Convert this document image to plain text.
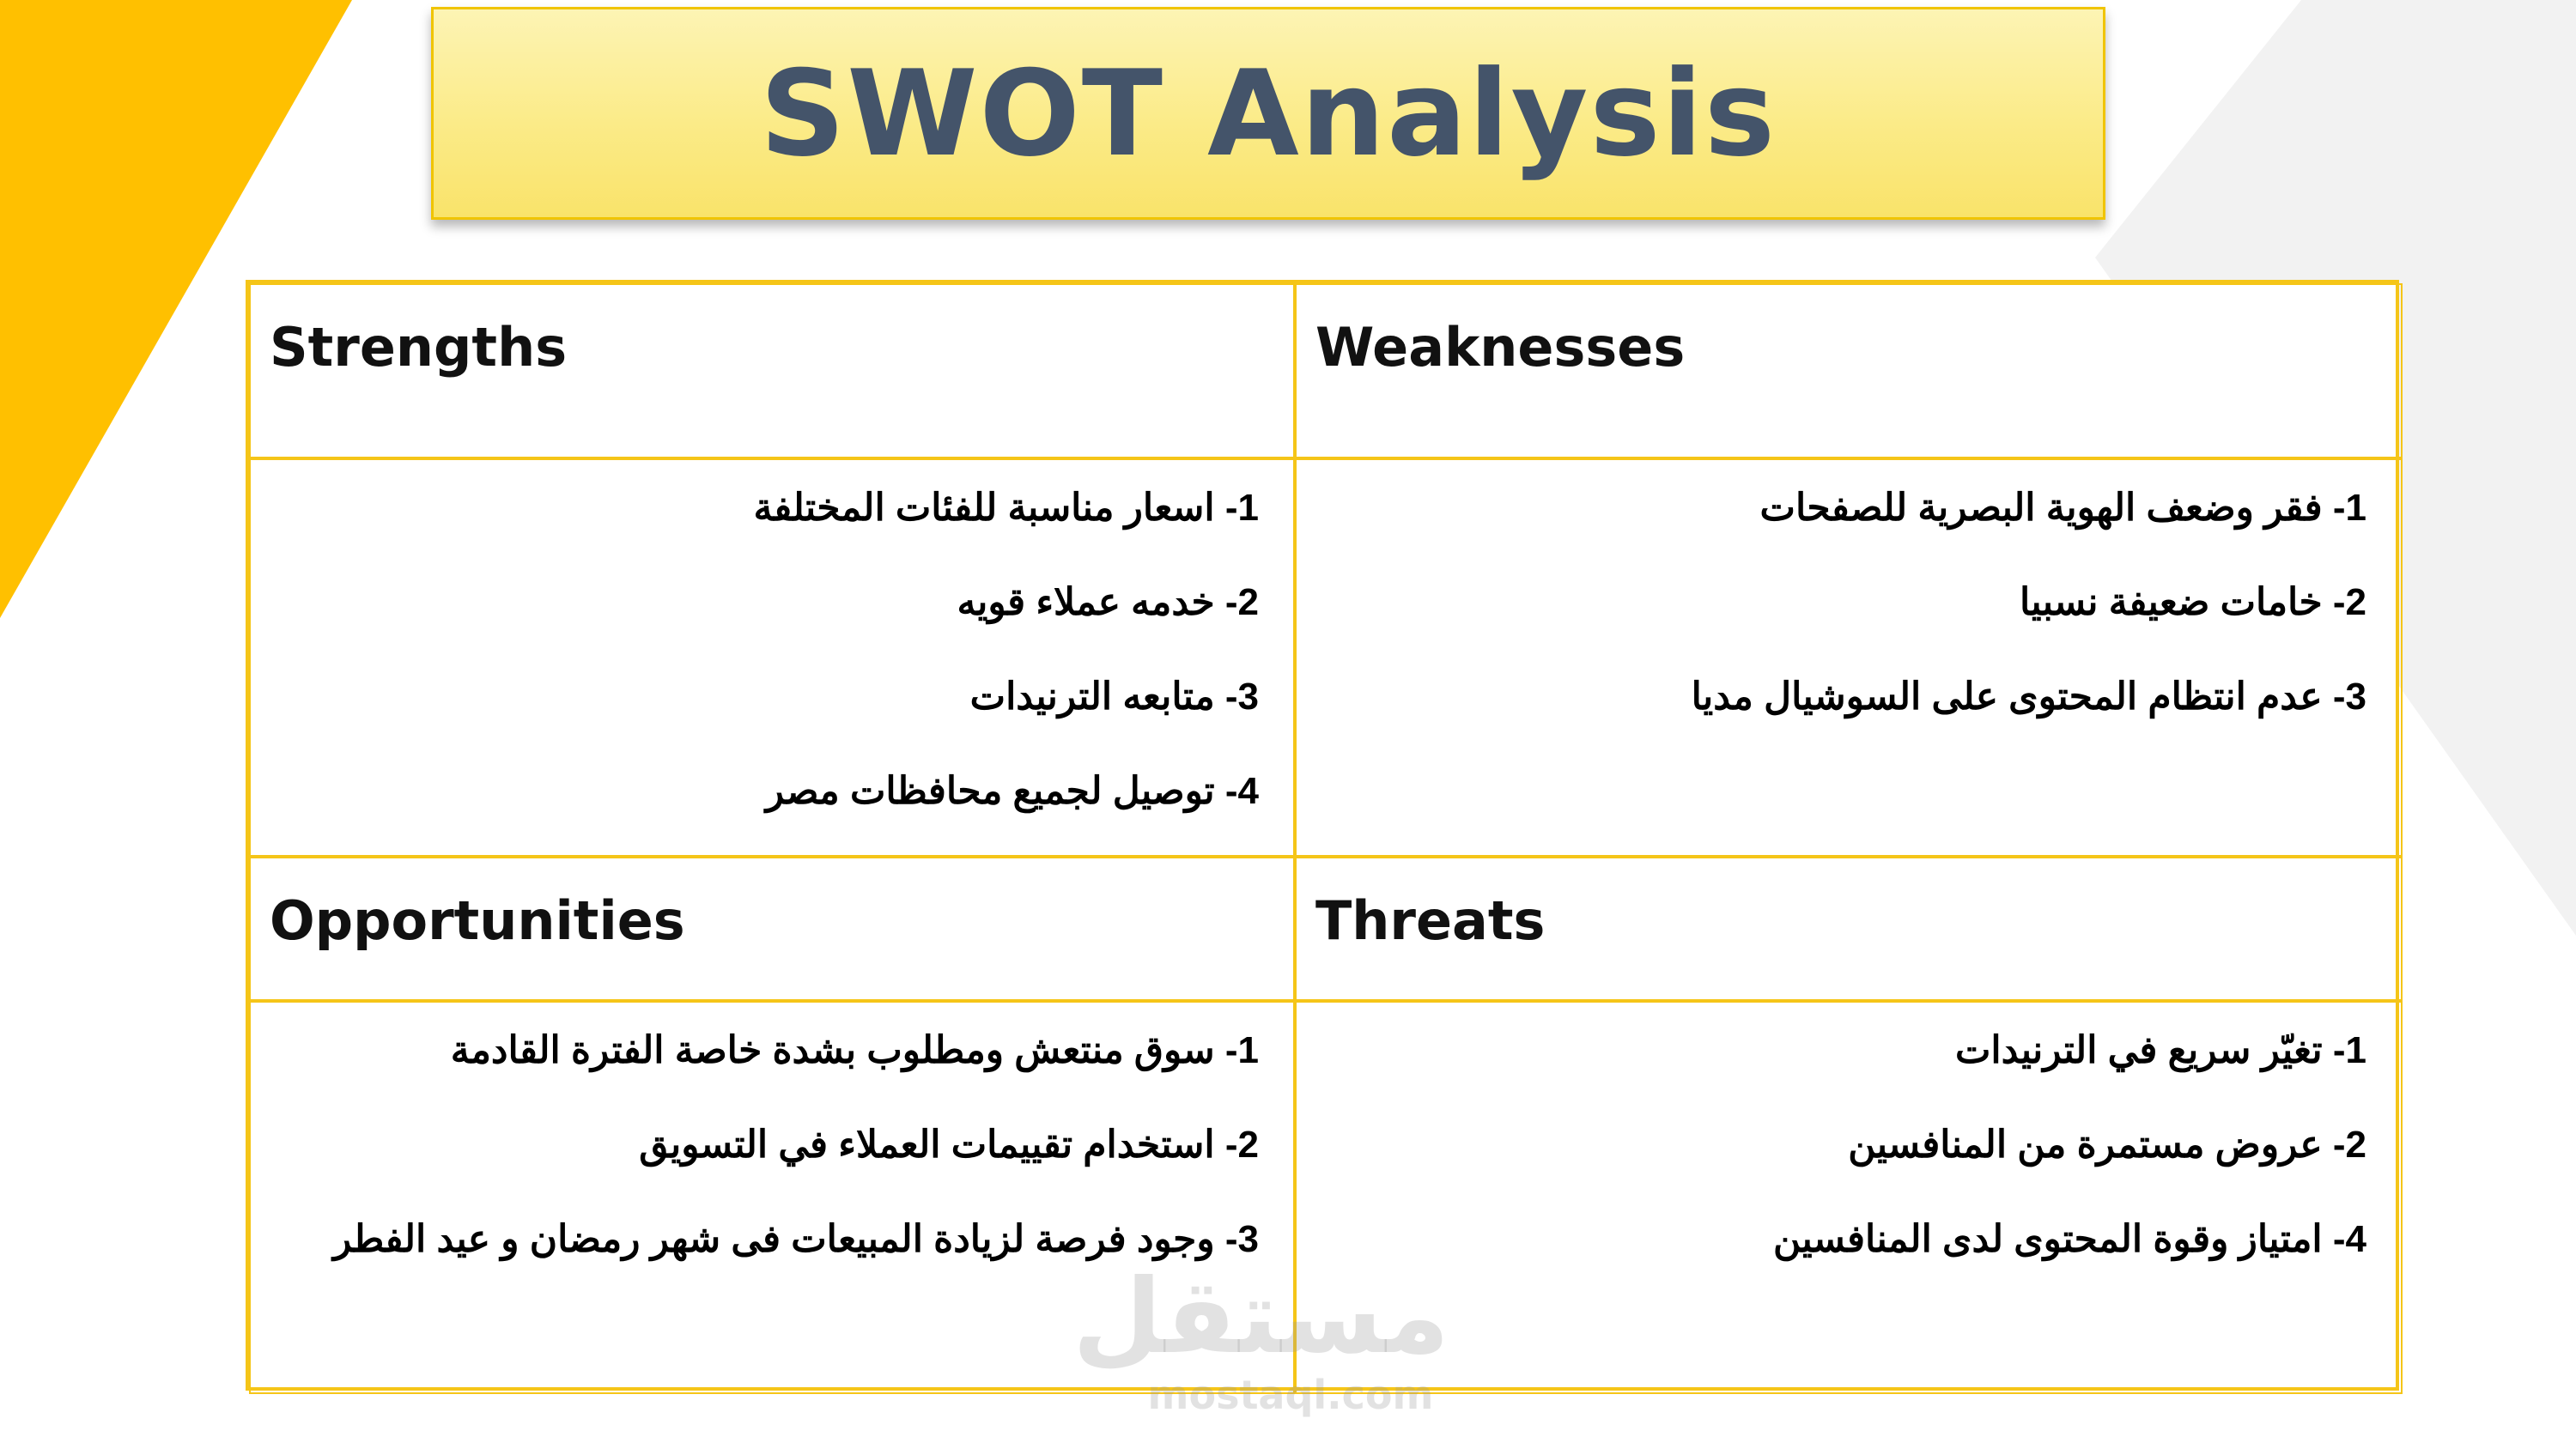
SWOT Analysis
Strengths	Weaknesses
1- اسعار مناسبة للفئات المختلفة
2- خدمه عملاء قويه
3- متابعه الترنيدات
4- توصيل لجميع محافظات مصر
1- فقر وضعف الهوية البصرية للصفحات
2- خامات ضعيفة نسبيا
3- عدم انتظام المحتوى على السوشيال مديا
Opportunities	Threats
1- سوق منتعش ومطلوب بشدة خاصة الفترة القادمة
2- استخدام تقييمات العملاء في التسويق
3- وجود فرصة لزيادة المبيعات فى شهر رمضان و عيد الفطر
1- تغيّر سريع في الترنيدات
2- عروض مستمرة من المنافسين
4- امتياز وقوة المحتوى لدى المنافسين
مستقل
mostaql.com
